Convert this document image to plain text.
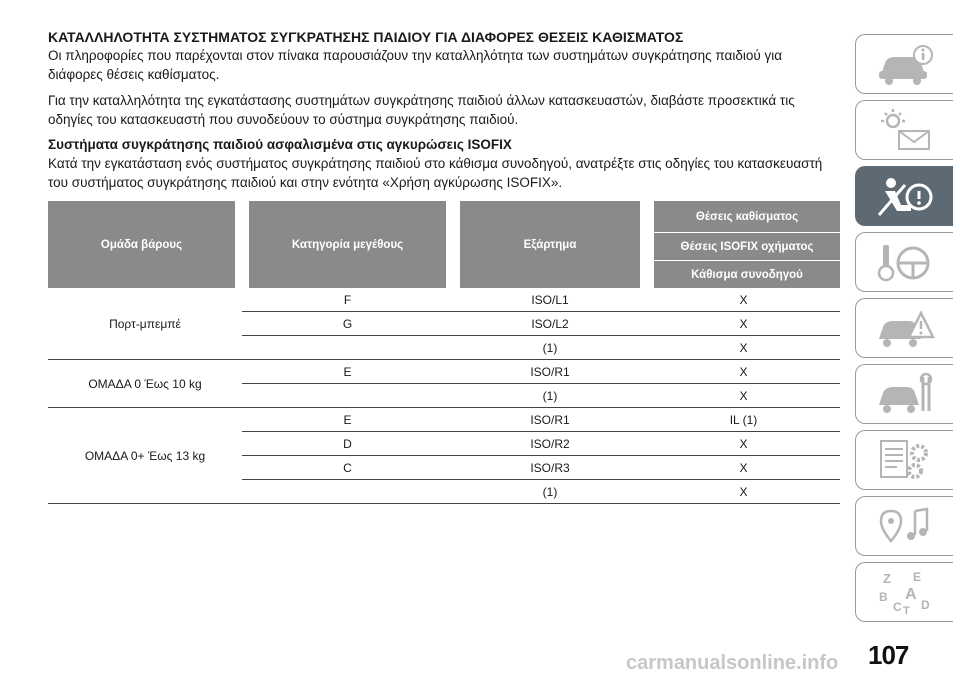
ΚΑΤΑΛΛΗΛΟΤΗΤΑ ΣΥΣΤΗΜΑΤΟΣ ΣΥΓΚΡΑΤΗΣΗΣ ΠΑΙΔΙΟΥ ΓΙΑ ΔΙΑΦΟΡΕΣ ΘΕΣΕΙΣ ΚΑΘΙΣΜΑΤΟΣ

Οι πληροφορίες που παρέχονται στον πίνακα παρουσιάζουν την καταλληλότητα των συστημάτων συγκράτησης παιδιού για διάφορες θέσεις καθίσματος.

Για την καταλληλότητα της εγκατάστασης συστημάτων συγκράτησης παιδιού άλλων κατασκευαστών, διαβάστε προσεκτικά τις οδηγίες του κατασκευαστή που συνοδεύουν το σύστημα συγκράτησης παιδιού.

Συστήματα συγκράτησης παιδιού ασφαλισμένα στις αγκυρώσεις ISOFIX

Κατά την εγκατάσταση ενός συστήματος συγκράτησης παιδιού στο κάθισμα συνοδηγού, ανατρέξτε στις οδηγίες του κατασκευαστή του συστήματος συγκράτησης παιδιού και στην ενότητα «Χρήση αγκύρωσης ISOFIX».

Ομάδα βάρους	Κατηγορία μεγέθους	Εξάρτημα	Θέσεις καθίσματος
			Θέσεις ISOFIX οχήματος
			Κάθισμα συνοδηγού
Πορτ-μπεμπέ	F	ISO/L1	X
	G	ISO/L2	X
		(1)	X
ΟΜΑΔΑ 0 Έως 10 kg	E	ISO/R1	X
		(1)	X
ΟΜΑΔΑ 0+ Έως 13 kg	E	ISO/R1	IL (1)
	D	ISO/R2	X
	C	ISO/R3	X
		(1)	X
Z E
B A
C T D
107
carmanualsonline.info
